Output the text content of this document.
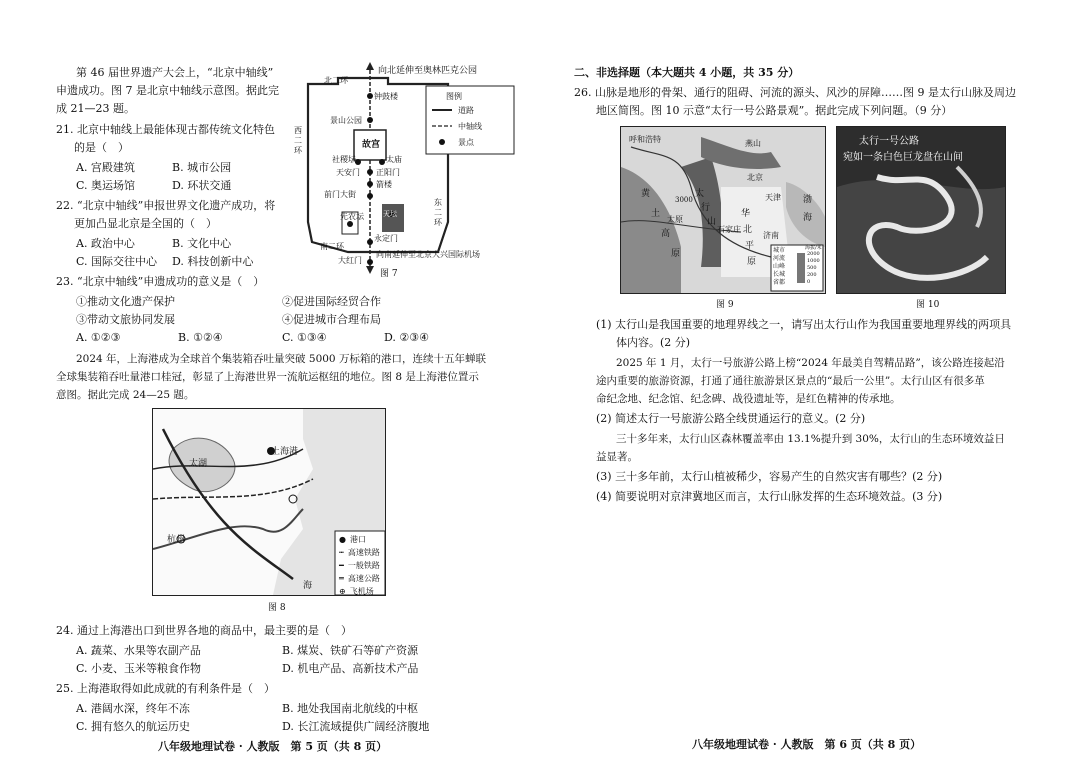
第 46 届世界遗产大会上，“北京中轴线”
申遗成功。图 7 是北京中轴线示意图。据此完
成 21—23 题。
21. 北京中轴线上最能体现古都传统文化特色
的是（　）
A. 宫殿建筑	B. 城市公园
C. 奥运场馆	D. 环状交通
22. “北京中轴线”申报世界文化遗产成功，将
更加凸显北京是全国的（　）
A. 政治中心	B. 文化中心
C. 国际交往中心 D. 科技创新中心
23. “北京中轴线”申遗成功的意义是（　）
①推动文化遗产保护	②促进国际经贸合作
③带动文旅协同发展	④促进城市合理布局
A. ①②③	B. ①②④	C. ①③④	D. ②③④
2024 年，上海港成为全球首个集装箱吞吐量突破 5000 万标箱的港口，连续十五年蝉联
全球集装箱吞吐量港口桂冠，彰显了上海港世界一流航运枢纽的地位。图 8 是上海港位置示
意图。据此完成 24—25 题。
向北延伸至奥林匹克公园
北二环
西二环
东二环
南二环
故宫
钟鼓楼
景山公园
社稷坛	太庙
天安门 正阳门
箭楼
前门大街
先农坛	天坛
永定门
大红门
向南延伸至北京大兴国际机场
图例
道路
中轴线
景点
图 7
太湖
上海港
杭州
海
● 港口
┅ 高速铁路
━ 一般铁路
═ 高速公路
⊕ 飞机场
图 8
24. 通过上海港出口到世界各地的商品中，最主要的是（　）
A. 蔬菜、水果等农副产品	B. 煤炭、铁矿石等矿产资源
C. 小麦、玉米等粮食作物	D. 机电产品、高新技术产品
25. 上海港取得如此成就的有利条件是（　）
A. 港阔水深，终年不冻	B. 地处我国南北航线的中枢
C. 拥有悠久的航运历史	D. 长江流域提供广阔经济腹地
八年级地理试卷 · 人教版　第 5 页（共 8 页）
二、非选择题（本大题共 4 小题，共 35 分）
26. 山脉是地形的骨架、通行的阻碍、河流的源头、风沙的屏障……图 9 是太行山脉及周边
地区简图。图 10 示意“太行一号公路景观”。据此完成下列问题。（9 分）
呼和浩特	燕山
北京
天津 渤
海
太
行
山
华
北
平
原
济南
黄
土
高
原
太原
石家庄
3000
城市
河流
山峰
长城
省都
海拔/米
2000
1000
500
200
0
图 9
太行一号公路
宛如一条白色巨龙盘在山间
图 10
(1) 太行山是我国重要的地理界线之一，请写出太行山作为我国重要地理界线的两项具
体内容。(2 分)
2025 年 1 月，太行一号旅游公路上榜“2024 年最美自驾精品路”，该公路连接起沿
途内重要的旅游资源，打通了通往旅游景区景点的“最后一公里”。太行山区有很多革
命纪念地、纪念馆、纪念碑、战役遗址等，是红色精神的传承地。
(2) 简述太行一号旅游公路全线贯通运行的意义。(2 分)
三十多年来，太行山区森林覆盖率由 13.1%提升到 30%，太行山的生态环境效益日
益显著。
(3) 三十多年前，太行山植被稀少，容易产生的自然灾害有哪些？(2 分)
(4) 简要说明对京津冀地区而言，太行山脉发挥的生态环境效益。(3 分)
八年级地理试卷 · 人教版　第 6 页（共 8 页）
